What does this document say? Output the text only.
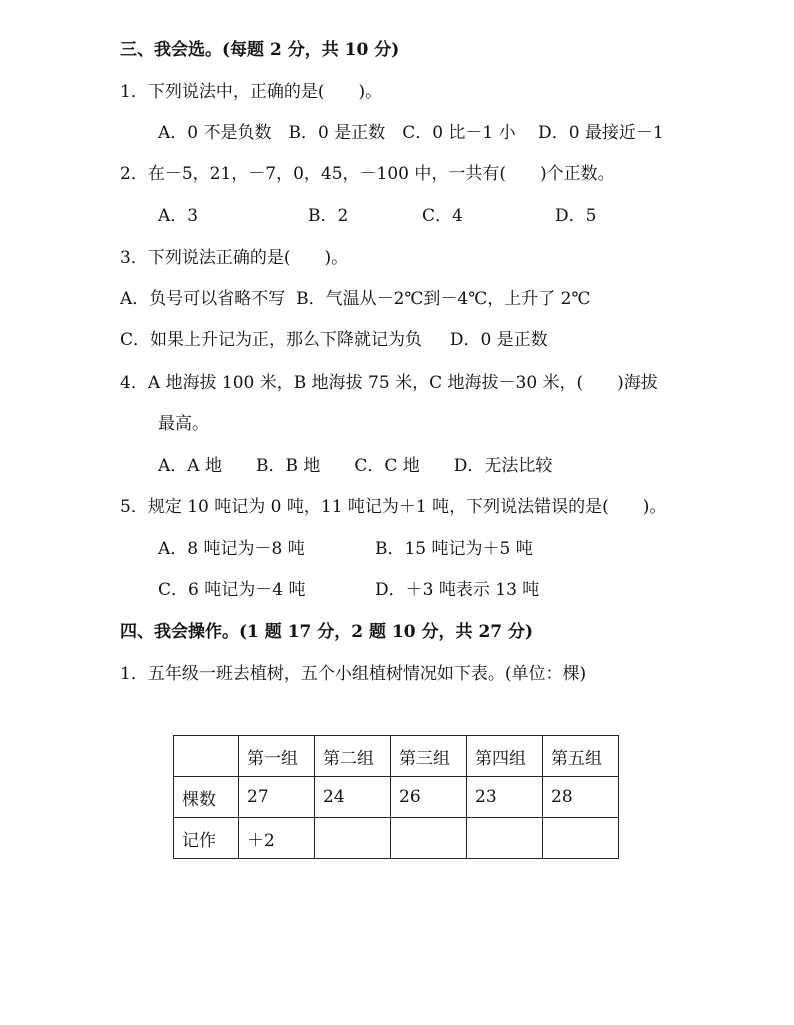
三、我会选。(每题 2 分，共 10 分)
1．下列说法中，正确的是(　　)。
A．0 不是负数　B．0 是正数　C．0 比－1 小　 D．0 最接近－1
2．在－5，21，－7，0，45，－100 中，一共有(　　)个正数。
A．3	B．2	C．4	D．5
3．下列说法正确的是(　　)。
A．负号可以省略不写  B．气温从－2℃到－4℃，上升了 2℃
C．如果上升记为正，那么下降就记为负 　 D．0 是正数
4．A 地海拔 100 米，B 地海拔 75 米，C 地海拔－30 米，(　　)海拔
最高。
A．A 地　　B．B 地　　C．C 地　　D．无法比较
5．规定 10 吨记为 0 吨，11 吨记为＋1 吨，下列说法错误的是(　　)。
A．8 吨记为－8 吨	B．15 吨记为＋5 吨
C．6 吨记为－4 吨	D．＋3 吨表示 13 吨
四、我会操作。(1 题 17 分，2 题 10 分，共 27 分)
1．五年级一班去植树，五个小组植树情况如下表。(单位：棵)
	第一组	第二组	第三组	第四组	第五组
棵数	27	24	26	23	28
记作	＋2				
